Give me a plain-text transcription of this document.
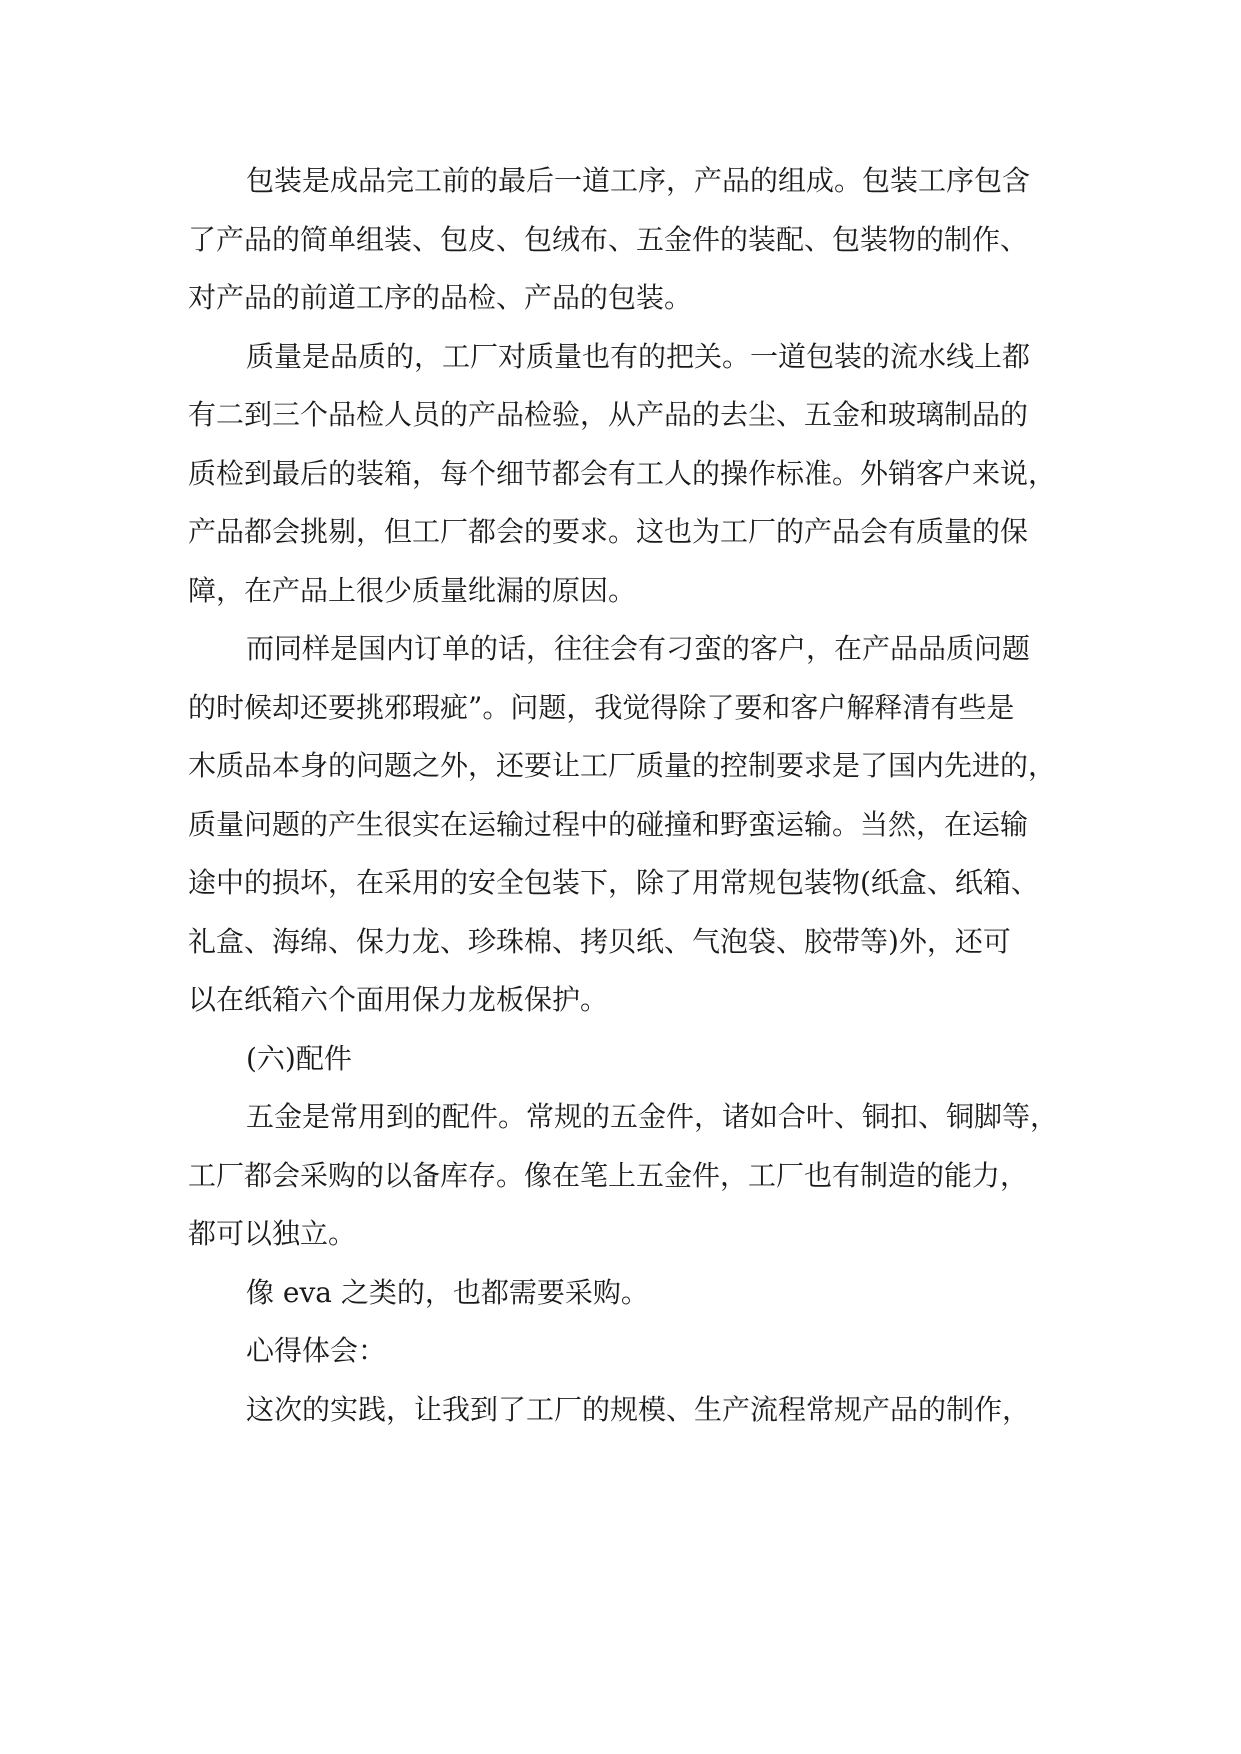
包装是成品完工前的最后一道工序，产品的组成。包装工序包含
了产品的简单组装、包皮、包绒布、五金件的装配、包装物的制作、
对产品的前道工序的品检、产品的包装。
质量是品质的，工厂对质量也有的把关。一道包装的流水线上都
有二到三个品检人员的产品检验，从产品的去尘、五金和玻璃制品的
质检到最后的装箱，每个细节都会有工人的操作标准。外销客户来说，
产品都会挑剔，但工厂都会的要求。这也为工厂的产品会有质量的保
障，在产品上很少质量纰漏的原因。
而同样是国内订单的话，往往会有刁蛮的客户，在产品品质问题
的时候却还要挑邪瑕疵”。问题，我觉得除了要和客户解释清有些是
木质品本身的问题之外，还要让工厂质量的控制要求是了国内先进的，
质量问题的产生很实在运输过程中的碰撞和野蛮运输。当然，在运输
途中的损坏，在采用的安全包装下，除了用常规包装物(纸盒、纸箱、
礼盒、海绵、保力龙、珍珠棉、拷贝纸、气泡袋、胶带等)外，还可
以在纸箱六个面用保力龙板保护。
(六)配件
五金是常用到的配件。常规的五金件，诸如合叶、铜扣、铜脚等，
工厂都会采购的以备库存。像在笔上五金件，工厂也有制造的能力，
都可以独立。
像 eva 之类的，也都需要采购。
心得体会：
这次的实践，让我到了工厂的规模、生产流程常规产品的制作，
